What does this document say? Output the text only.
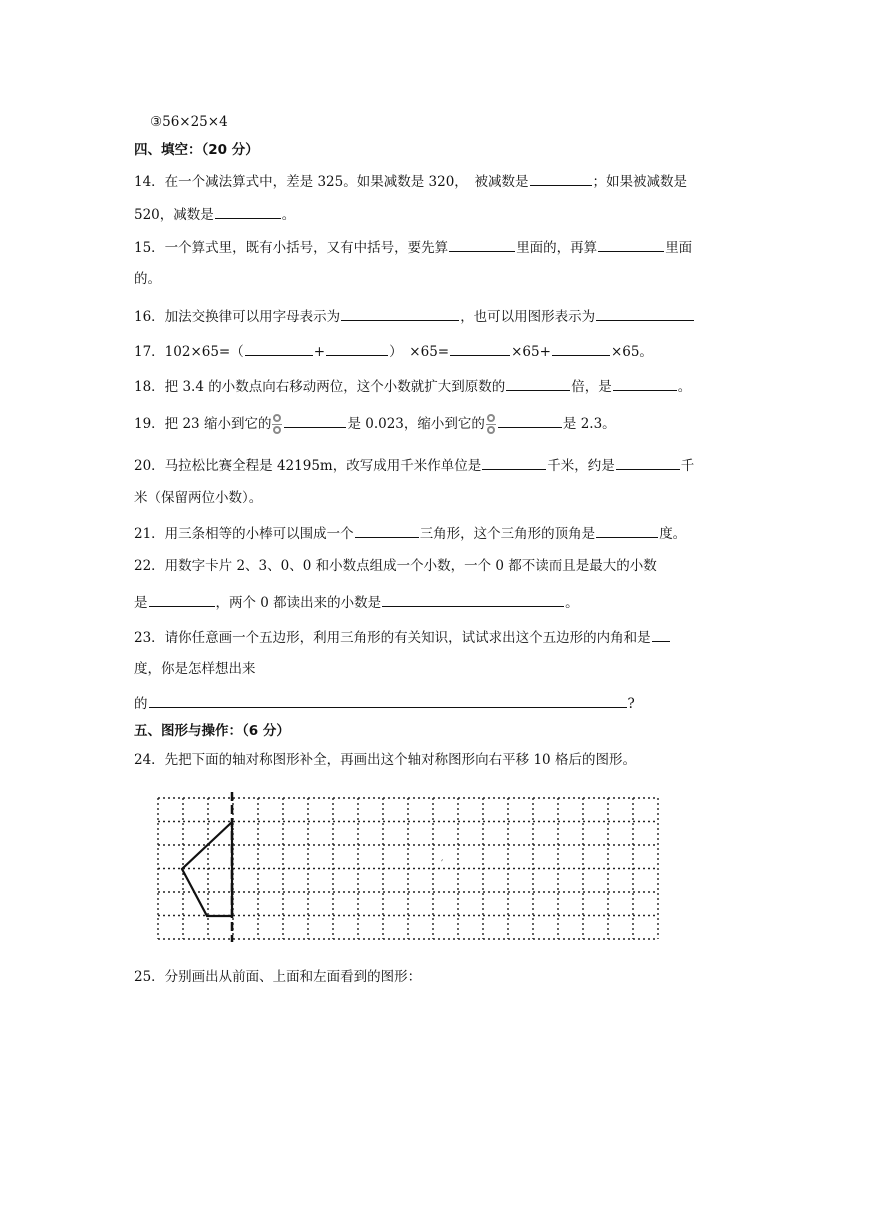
③56×25×4
四、填空：（20 分）
14．在一个减法算式中，差是 325。如果减数是 320，　被减数是	；如果被减数是
520，减数是	。
15．一个算式里，既有小括号，又有中括号，要先算	里面的，再算	里面
的。
16．加法交换律可以用字母表示为	，也可以用图形表示为
17．102×65=（	+	）　×65=	×65+	×65。
18．把 3.4 的小数点向右移动两位，这个小数就扩大到原数的	倍，是	。
19．把 23 缩小到它的	是 0.023，缩小到它的	是 2.3。
20．马拉松比赛全程是 42195m，改写成用千米作单位是	千米，约是	千
米（保留两位小数）。
21．用三条相等的小棒可以围成一个	三角形，这个三角形的顶角是	度。
22．用数字卡片 2、3、0、0 和小数点组成一个小数，一个 0 都不读而且是最大的小数
是	，两个 0 都读出来的小数是	。
23．请你任意画一个五边形，利用三角形的有关知识，试试求出这个五边形的内角和是
度，你是怎样想出来
的	?
五、图形与操作：（6 分）
24．先把下面的轴对称图形补全，再画出这个轴对称图形向右平移 10 格后的图形。
′
25．分别画出从前面、上面和左面看到的图形：
